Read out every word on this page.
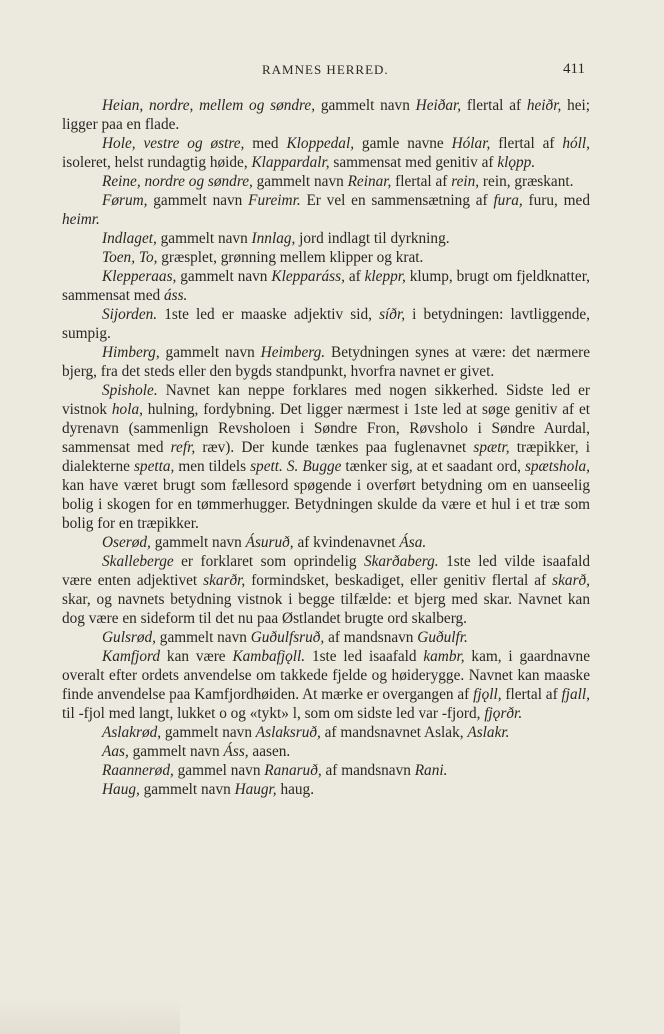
RAMNES HERRED.	411

Heian, nordre, mellem og søndre, gammelt navn Heiðar, flertal af heiðr, hei; ligger paa en flade.

Hole, vestre og østre, med Kloppedal, gamle navne Hólar, flertal af hóll, isoleret, helst rundagtig høide, Klappardalr, sammensat med genitiv af klǫpp.

Reine, nordre og søndre, gammelt navn Reinar, flertal af rein, rein, græskant.

Førum, gammelt navn Fureimr. Er vel en sammensætning af fura, furu, med heimr.

Indlaget, gammelt navn Innlag, jord indlagt til dyrkning.

Toen, To, græsplet, grønning mellem klipper og krat.

Klepperaas, gammelt navn Klepparáss, af kleppr, klump, brugt om fjeldknatter, sammensat med áss.

Sijorden. 1ste led er maaske adjektiv sid, síðr, i betydningen: lavtliggende, sumpig.

Himberg, gammelt navn Heimberg. Betydningen synes at være: det nærmere bjerg, fra det steds eller den bygds standpunkt, hvorfra navnet er givet.

Spishole. Navnet kan neppe forklares med nogen sikkerhed. Sidste led er vistnok hola, hulning, fordybning. Det ligger nærmest i 1ste led at søge genitiv af et dyrenavn (sammenlign Revsholoen i Søndre Fron, Røvsholo i Søndre Aurdal, sammensat med refr, ræv). Der kunde tænkes paa fuglenavnet spætr, træpikker, i dialekterne spetta, men tildels spett. S. Bugge tænker sig, at et saadant ord, spætshola, kan have været brugt som fællesord spøgende i overført betydning om en uanseelig bolig i skogen for en tømmerhugger. Betydningen skulde da være et hul i et træ som bolig for en træpikker.

Oserød, gammelt navn Ásuruð, af kvindenavnet Ása.

Skalleberge er forklaret som oprindelig Skarðaberg. 1ste led vilde isaafald være enten adjektivet skarðr, formindsket, beskadiget, eller genitiv flertal af skarð, skar, og navnets betydning vistnok i begge tilfælde: et bjerg med skar. Navnet kan dog være en sideform til det nu paa Østlandet brugte ord skalberg.

Gulsrød, gammelt navn Guðulfsruð, af mandsnavn Guðulfr.

Kamfjord kan være Kambafjǫll. 1ste led isaafald kambr, kam, i gaardnavne overalt efter ordets anvendelse om takkede fjelde og høiderygge. Navnet kan maaske finde anvendelse paa Kamfjordhøiden. At mærke er overgangen af fjǫll, flertal af fjall, til -fjol med langt, lukket o og «tykt» l, som om sidste led var -fjord, fjǫrðr.

Aslakrød, gammelt navn Aslaksruð, af mandsnavnet Aslak, Aslakr.

Aas, gammelt navn Áss, aasen.

Raannerød, gammel navn Ranaruð, af mandsnavn Rani.

Haug, gammelt navn Haugr, haug.
